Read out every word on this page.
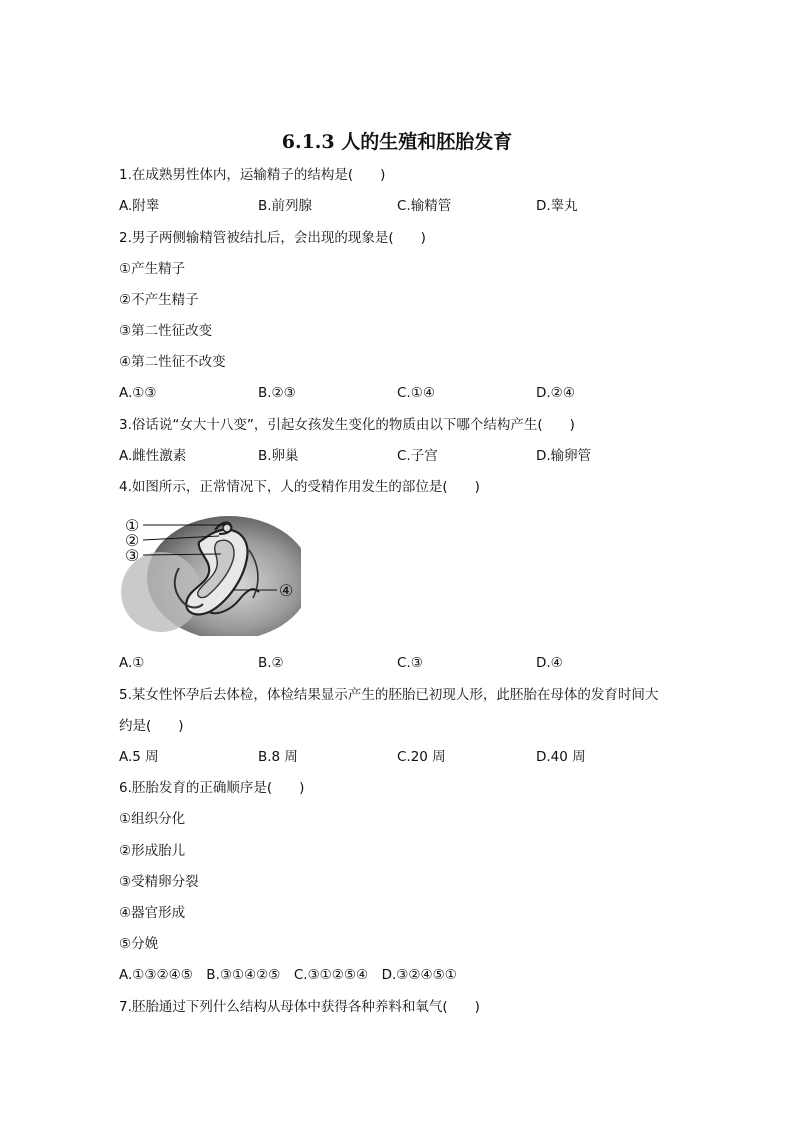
6.1.3 人的生殖和胚胎发育
1.在成熟男性体内，运输精子的结构是(　　)
A.附睾	B.前列腺	C.输精管	D.睾丸
2.男子两侧输精管被结扎后，会出现的现象是(　　)
①产生精子
②不产生精子
③第二性征改变
④第二性征不改变
A.①③	B.②③	C.①④	D.②④
3.俗话说“女大十八变”，引起女孩发生变化的物质由以下哪个结构产生(　　)
A.雌性激素	B.卵巢	C.子宫	D.输卵管
4.如图所示，正常情况下，人的受精作用发生的部位是(　　)
①
②
③
④
A.①	B.②	C.③	D.④
5.某女性怀孕后去体检，体检结果显示产生的胚胎已初现人形，此胚胎在母体的发育时间大
约是(　　)
A.5 周	B.8 周	C.20 周	D.40 周
6.胚胎发育的正确顺序是(　　)
①组织分化
②形成胎儿
③受精卵分裂
④器官形成
⑤分娩
A.①③②④⑤　B.③①④②⑤　C.③①②⑤④　D.③②④⑤①
7.胚胎通过下列什么结构从母体中获得各种养料和氧气(　　)
